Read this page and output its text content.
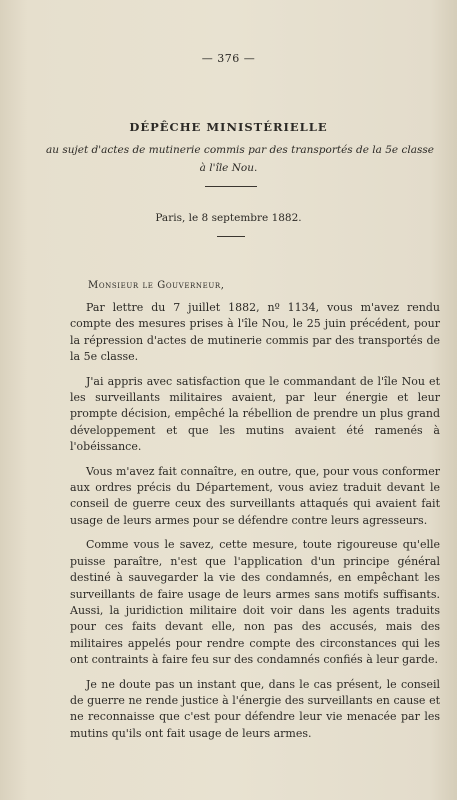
— 376 —
DÉPÊCHE MINISTÉRIELLE
au sujet d'actes de mutinerie commis par des transportés de la 5e classe
à l'île Nou.
Paris, le 8 septembre 1882.
Monsieur le Gouverneur,

Par lettre du 7 juillet 1882, nº 1134, vous m'avez rendu compte des mesures prises à l'île Nou, le 25 juin précédent, pour la répression d'actes de mutinerie commis par des transportés de la 5e classe.

J'ai appris avec satisfaction que le commandant de l'île Nou et les surveillants militaires avaient, par leur énergie et leur prompte décision, empêché la rébellion de prendre un plus grand développement et que les mutins avaient été ramenés à l'obéissance.

Vous m'avez fait connaître, en outre, que, pour vous conformer aux ordres précis du Département, vous aviez traduit devant le conseil de guerre ceux des surveillants attaqués qui avaient fait usage de leurs armes pour se défendre contre leurs agresseurs.

Comme vous le savez, cette mesure, toute rigoureuse qu'elle puisse paraître, n'est que l'application d'un principe général destiné à sauvegarder la vie des condamnés, en empêchant les surveillants de faire usage de leurs armes sans motifs suffisants. Aussi, la juridiction militaire doit voir dans les agents traduits pour ces faits devant elle, non pas des accusés, mais des militaires appelés pour rendre compte des circonstances qui les ont contraints à faire feu sur des condamnés confiés à leur garde.

Je ne doute pas un instant que, dans le cas présent, le conseil de guerre ne rende justice à l'énergie des surveillants en cause et ne reconnaisse que c'est pour défendre leur vie menacée par les mutins qu'ils ont fait usage de leurs armes.
